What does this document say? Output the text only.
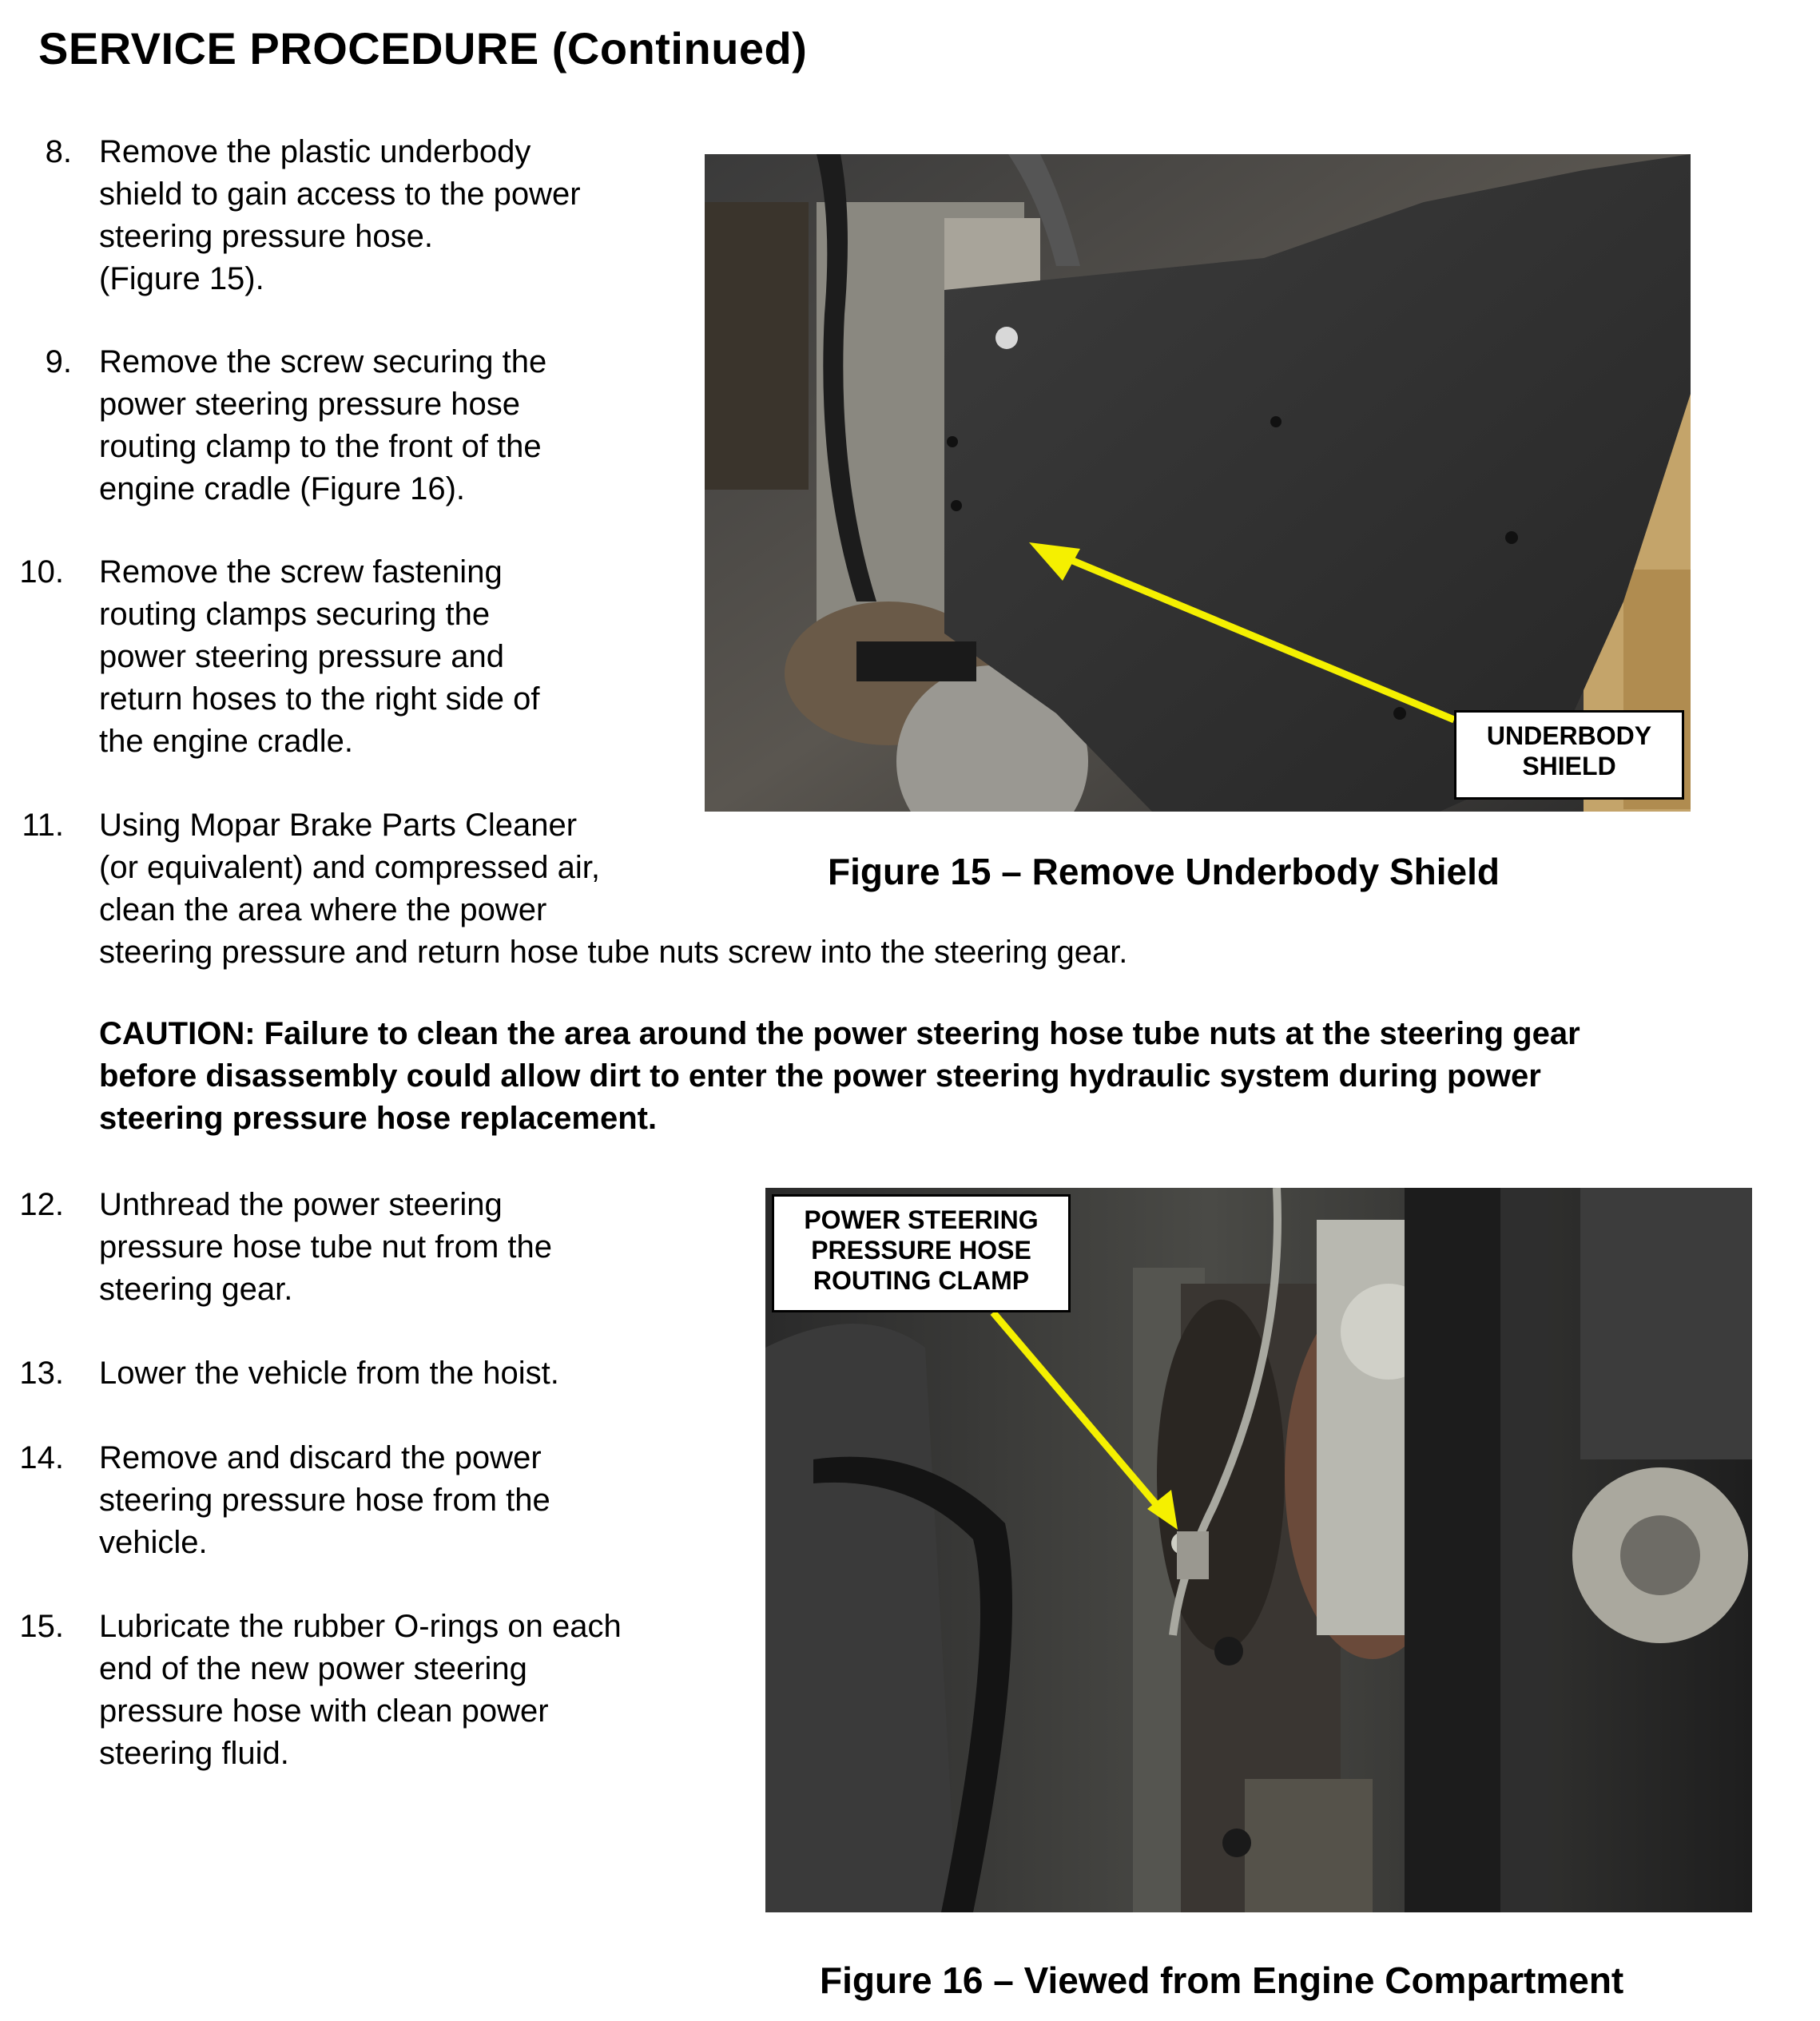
SERVICE PROCEDURE (Continued)
8. Remove the plastic underbody
shield to gain access to the power
steering pressure hose.
(Figure 15).
9. Remove the screw securing the
power steering pressure hose
routing clamp to the front of the
engine cradle (Figure 16).
10. Remove the screw fastening
routing clamps securing the
power steering pressure and
return hoses to the right side of
the engine cradle.
11. Using Mopar Brake Parts Cleaner
(or equivalent) and compressed air,
clean the area where the power
steering pressure and return hose tube nuts screw into the steering gear.
CAUTION: Failure to clean the area around the power steering hose tube nuts at the steering gear
before disassembly could allow dirt to enter the power steering hydraulic system during power
steering pressure hose replacement.
12. Unthread the power steering
pressure hose tube nut from the
steering gear.
13. Lower the vehicle from the hoist.
14. Remove and discard the power
steering pressure hose from the
vehicle.
15. Lubricate the rubber O-rings on each
end of the new power steering
pressure hose with clean power
steering fluid.
UNDERBODY
SHIELD
Figure 15 – Remove Underbody Shield
POWER STEERING
PRESSURE HOSE
ROUTING CLAMP
Figure 16 – Viewed from Engine Compartment
